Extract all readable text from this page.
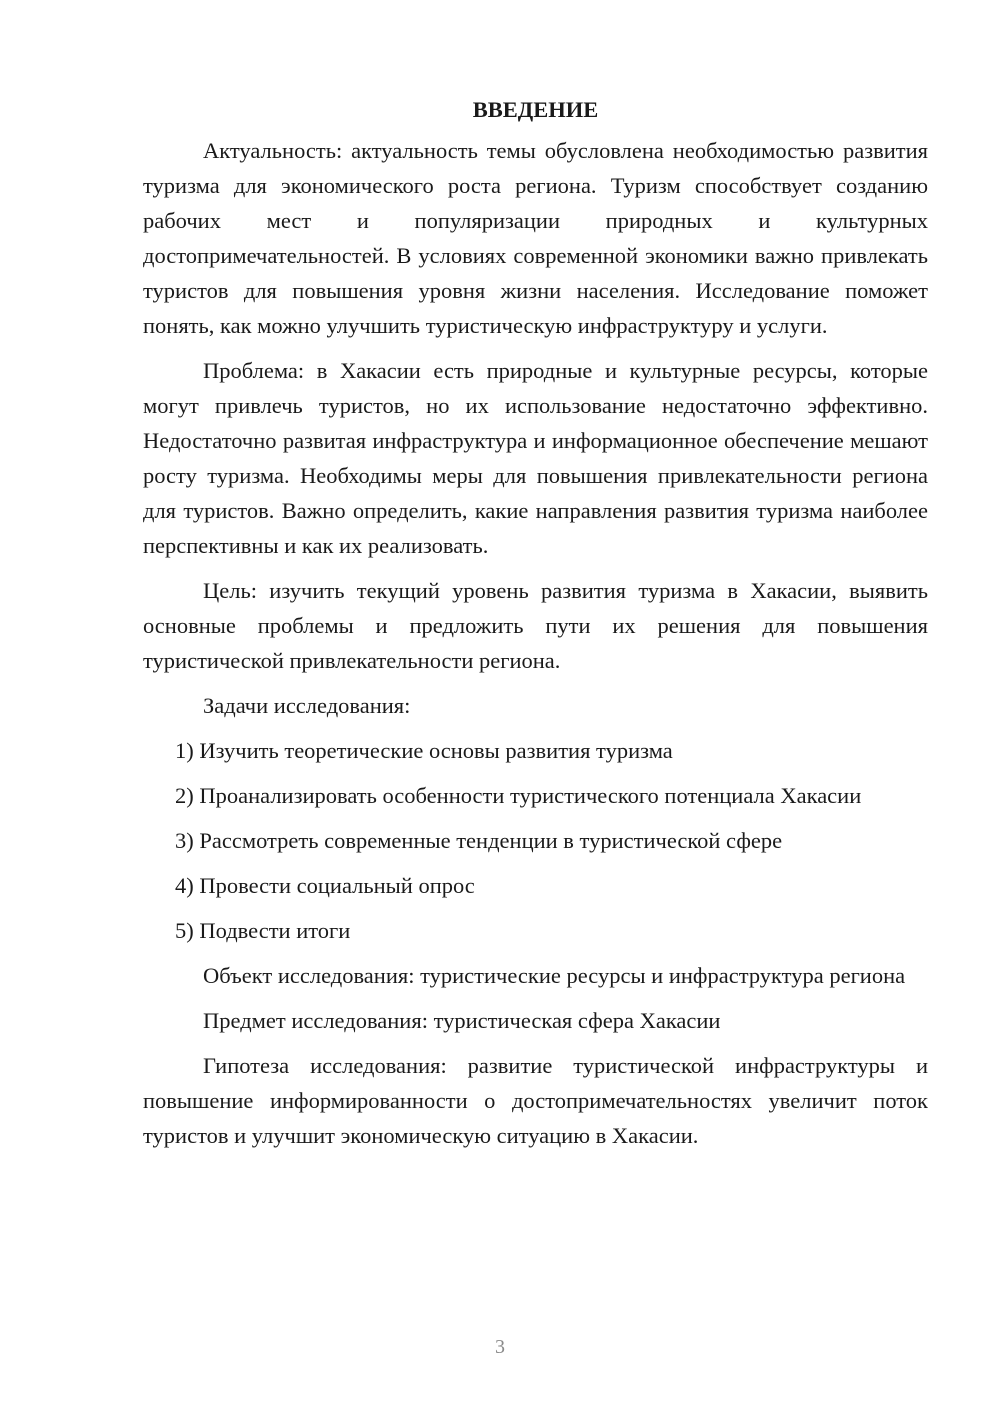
ВВЕДЕНИЕ

Актуальность: актуальность темы обусловлена необходимостью развития туризма для экономического роста региона. Туризм способствует созданию рабочих мест и популяризации природных и культурных достопримечательностей. В условиях современной экономики важно привлекать туристов для повышения уровня жизни населения. Исследование поможет понять, как можно улучшить туристическую инфраструктуру и услуги.

Проблема: в Хакасии есть природные и культурные ресурсы, которые могут привлечь туристов, но их использование недостаточно эффективно. Недостаточно развитая инфраструктура и информационное обеспечение мешают росту туризма. Необходимы меры для повышения привлекательности региона для туристов. Важно определить, какие направления развития туризма наиболее перспективны и как их реализовать.

Цель: изучить текущий уровень развития туризма в Хакасии, выявить основные проблемы и предложить пути их решения для повышения туристической привлекательности региона.

Задачи исследования:

1) Изучить теоретические основы развития туризма

2) Проанализировать особенности туристического потенциала Хакасии

3) Рассмотреть современные тенденции в туристической сфере

4) Провести социальный опрос

5) Подвести итоги

Объект исследования: туристические ресурсы и инфраструктура региона

Предмет исследования: туристическая сфера Хакасии

Гипотеза исследования: развитие туристической инфраструктуры и повышение информированности о достопримечательностях увеличит поток туристов и улучшит экономическую ситуацию в Хакасии.

3
